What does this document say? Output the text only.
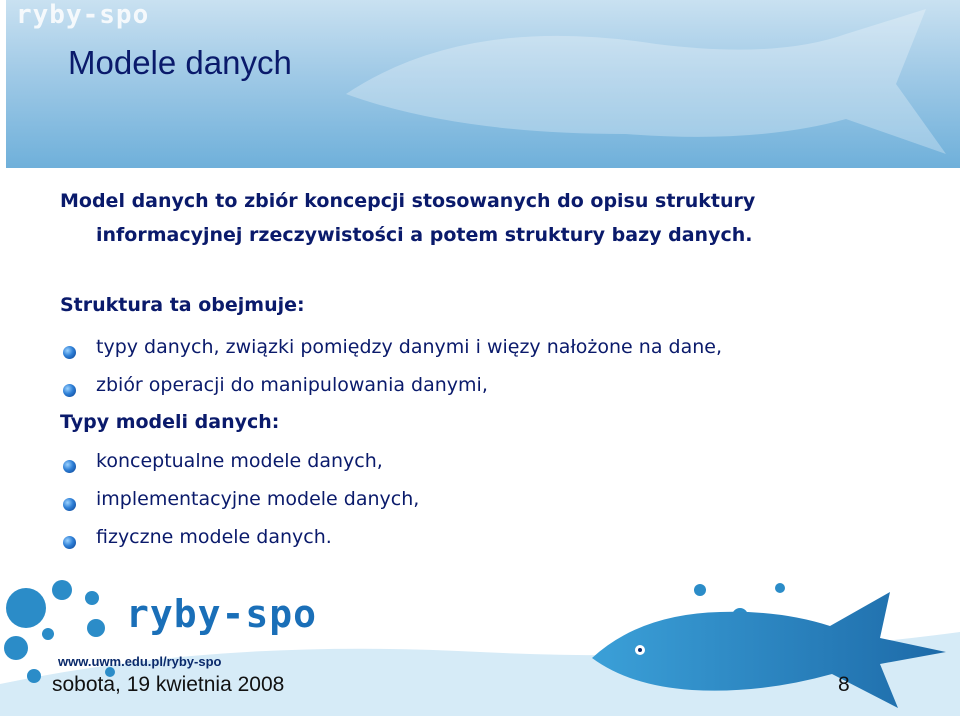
ryby-spo
Modele danych
Model danych to zbiór koncepcji stosowanych do opisu struktury
informacyjnej rzeczywistości a potem struktury bazy danych.
Struktura ta obejmuje:
typy danych, związki pomiędzy danymi i więzy nałożone na dane,
zbiór operacji do manipulowania danymi,
Typy modeli danych:
konceptualne modele danych,
implementacyjne modele danych,
fizyczne modele danych.
ryby-spo
www.uwm.edu.pl/ryby-spo
sobota, 19 kwietnia 2008	8
